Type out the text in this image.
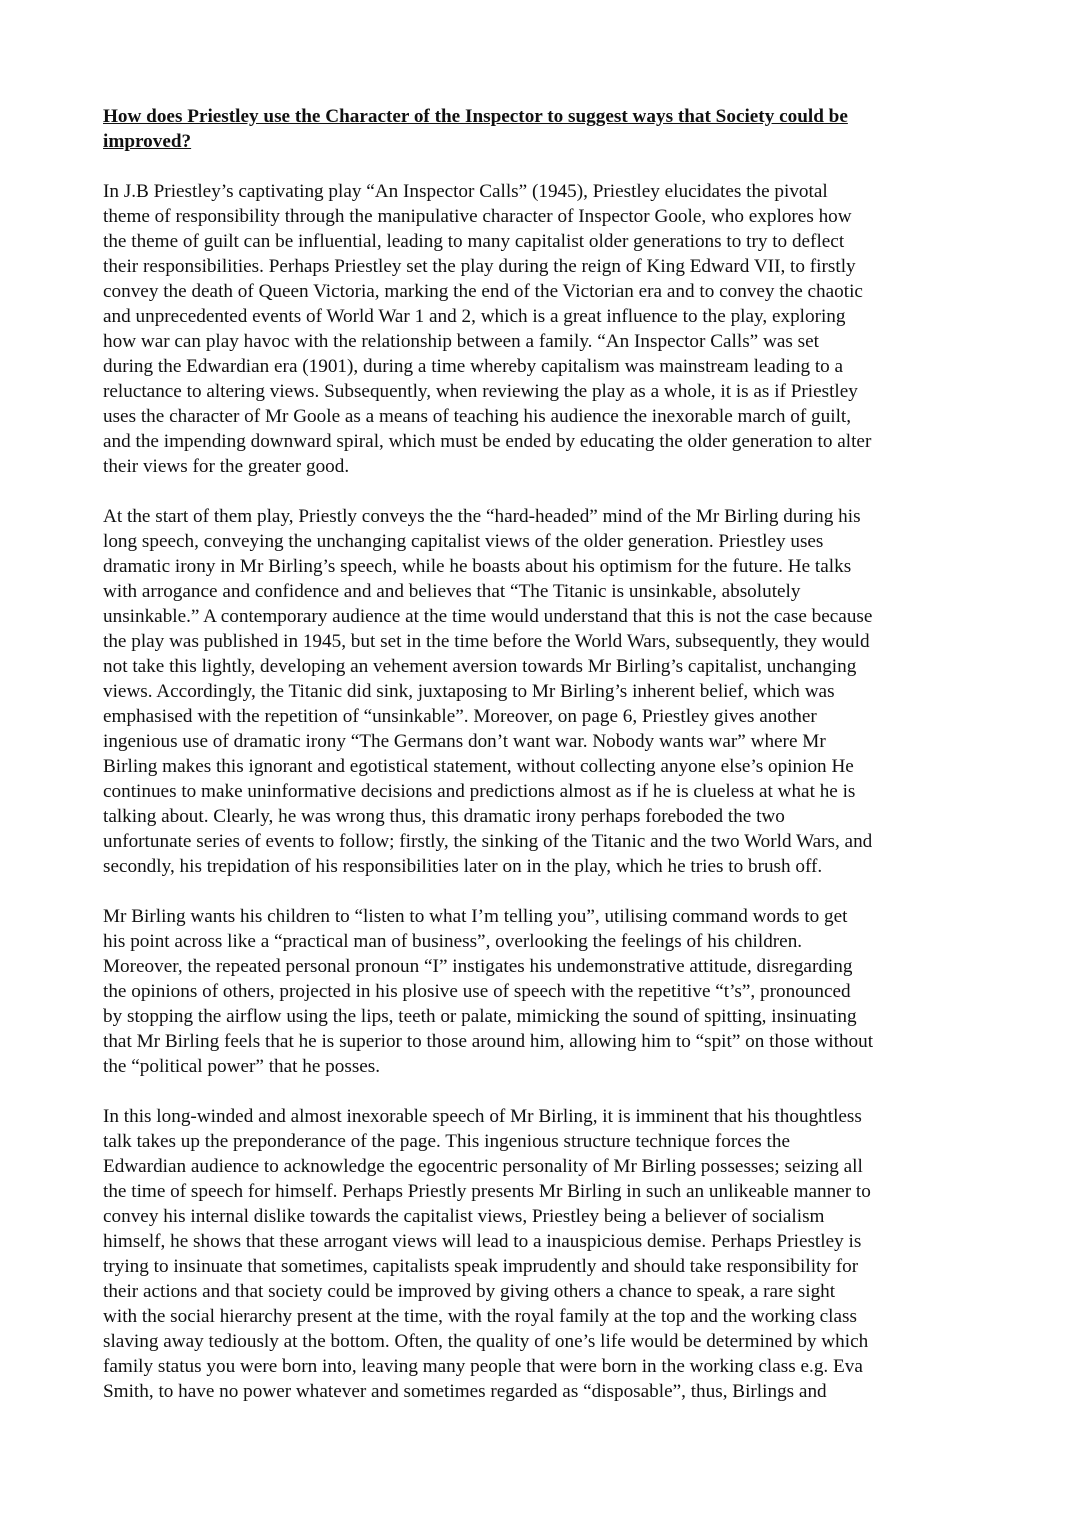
How does Priestley use the Character of the Inspector to suggest ways that Society could be
improved?
In J.B Priestley’s captivating play “An Inspector Calls” (1945), Priestley elucidates the pivotal
theme of responsibility through the manipulative character of Inspector Goole, who explores how
the theme of guilt can be influential, leading to many capitalist older generations to try to deflect
their responsibilities. Perhaps Priestley set the play during the reign of King Edward VII, to firstly
convey the death of Queen Victoria, marking the end of the Victorian era and to convey the chaotic
and unprecedented events of World War 1 and 2, which is a great influence to the play, exploring
how war can play havoc with the relationship between a family. “An Inspector Calls” was set
during the Edwardian era (1901), during a time whereby capitalism was mainstream leading to a
reluctance to altering views. Subsequently, when reviewing the play as a whole, it is as if Priestley
uses the character of Mr Goole as a means of teaching his audience the inexorable march of guilt,
and the impending downward spiral, which must be ended by educating the older generation to alter
their views for the greater good.
At the start of them play, Priestly conveys the the “hard-headed” mind of the Mr Birling during his
long speech, conveying the unchanging capitalist views of the older generation. Priestley uses
dramatic irony in Mr Birling’s speech, while he boasts about his optimism for the future. He talks
with arrogance and confidence and and believes that “The Titanic is unsinkable, absolutely
unsinkable.” A contemporary audience at the time would understand that this is not the case because
the play was published in 1945, but set in the time before the World Wars, subsequently, they would
not take this lightly, developing an vehement aversion towards Mr Birling’s capitalist, unchanging
views. Accordingly, the Titanic did sink, juxtaposing to Mr Birling’s inherent belief, which was
emphasised with the repetition of “unsinkable”. Moreover, on page 6, Priestley gives another
ingenious use of dramatic irony “The Germans don’t want war. Nobody wants war” where Mr
Birling makes this ignorant and egotistical statement, without collecting anyone else’s opinion He
continues to make uninformative decisions and predictions almost as if he is clueless at what he is
talking about. Clearly, he was wrong thus, this dramatic irony perhaps foreboded the two
unfortunate series of events to follow; firstly, the sinking of the Titanic and the two World Wars, and
secondly, his trepidation of his responsibilities later on in the play, which he tries to brush off.
Mr Birling wants his children to “listen to what I’m telling you”, utilising command words to get
his point across like a “practical man of business”, overlooking the feelings of his children.
Moreover, the repeated personal pronoun “I” instigates his undemonstrative attitude, disregarding
the opinions of others, projected in his plosive use of speech with the repetitive “t’s”, pronounced
by stopping the airflow using the lips, teeth or palate, mimicking the sound of spitting, insinuating
that Mr Birling feels that he is superior to those around him, allowing him to “spit” on those without
the “political power” that he posses.
In this long-winded and almost inexorable speech of Mr Birling, it is imminent that his thoughtless
talk takes up the preponderance of the page. This ingenious structure technique forces the
Edwardian audience to acknowledge the egocentric personality of Mr Birling possesses; seizing all
the time of speech for himself. Perhaps Priestly presents Mr Birling in such an unlikeable manner to
convey his internal dislike towards the capitalist views, Priestley being a believer of socialism
himself, he shows that these arrogant views will lead to a inauspicious demise. Perhaps Priestley is
trying to insinuate that sometimes, capitalists speak imprudently and should take responsibility for
their actions and that society could be improved by giving others a chance to speak, a rare sight
with the social hierarchy present at the time, with the royal family at the top and the working class
slaving away tediously at the bottom. Often, the quality of one’s life would be determined by which
family status you were born into, leaving many people that were born in the working class e.g. Eva
Smith, to have no power whatever and sometimes regarded as “disposable”, thus, Birlings and
